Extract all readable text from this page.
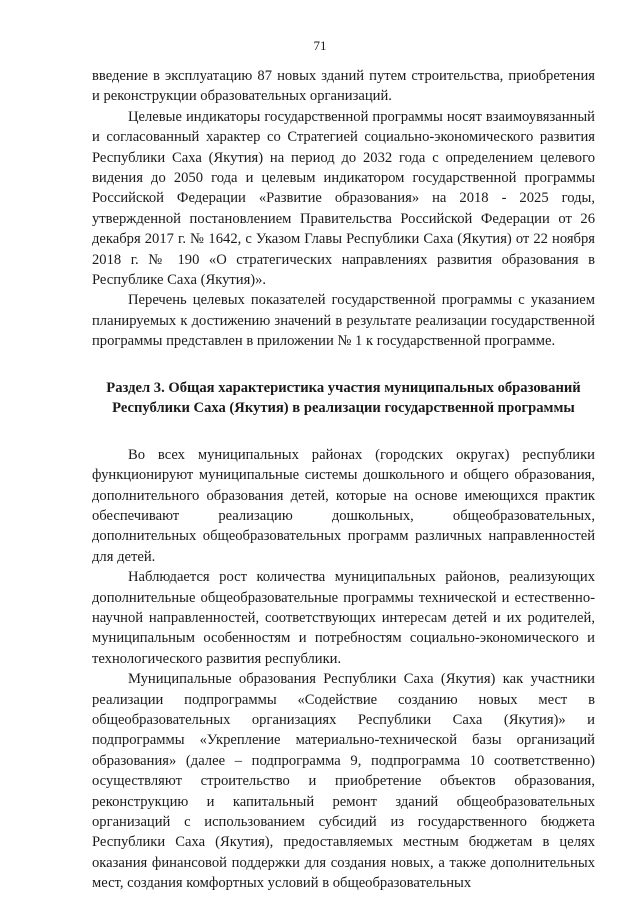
71

введение в эксплуатацию 87 новых зданий путем строительства, приобретения и реконструкции образовательных организаций.

Целевые индикаторы государственной программы носят взаимоувязанный и согласованный характер со Стратегией социально-экономического развития Республики Саха (Якутия) на период до 2032 года с определением целевого видения до 2050 года и целевым индикатором государственной программы Российской Федерации «Развитие образования» на 2018 - 2025 годы, утвержденной постановлением Правительства Российской Федерации от 26 декабря 2017 г. № 1642, с Указом Главы Республики Саха (Якутия) от 22 ноября 2018 г. № 190 «О стратегических направлениях развития образования в Республике Саха (Якутия)».

Перечень целевых показателей государственной программы с указанием планируемых к достижению значений в результате реализации государственной программы представлен в приложении № 1 к государственной программе.

Раздел 3. Общая характеристика участия муниципальных образований
Республики Саха (Якутия) в реализации государственной программы

Во всех муниципальных районах (городских округах) республики функционируют муниципальные системы дошкольного и общего образования, дополнительного образования детей, которые на основе имеющихся практик обеспечивают реализацию дошкольных, общеобразовательных, дополнительных общеобразовательных программ различных направленностей для детей.

Наблюдается рост количества муниципальных районов, реализующих дополнительные общеобразовательные программы технической и естественно-научной направленностей, соответствующих интересам детей и их родителей, муниципальным особенностям и потребностям социально-экономического и технологического развития республики.

Муниципальные образования Республики Саха (Якутия) как участники реализации подпрограммы «Содействие созданию новых мест в общеобразовательных организациях Республики Саха (Якутия)» и подпрограммы «Укрепление материально-технической базы организаций образования» (далее – подпрограмма 9, подпрограмма 10 соответственно) осуществляют строительство и приобретение объектов образования, реконструкцию и капитальный ремонт зданий общеобразовательных организаций с использованием субсидий из государственного бюджета Республики Саха (Якутия), предоставляемых местным бюджетам в целях оказания финансовой поддержки для создания новых, а также дополнительных мест, создания комфортных условий в общеобразовательных
